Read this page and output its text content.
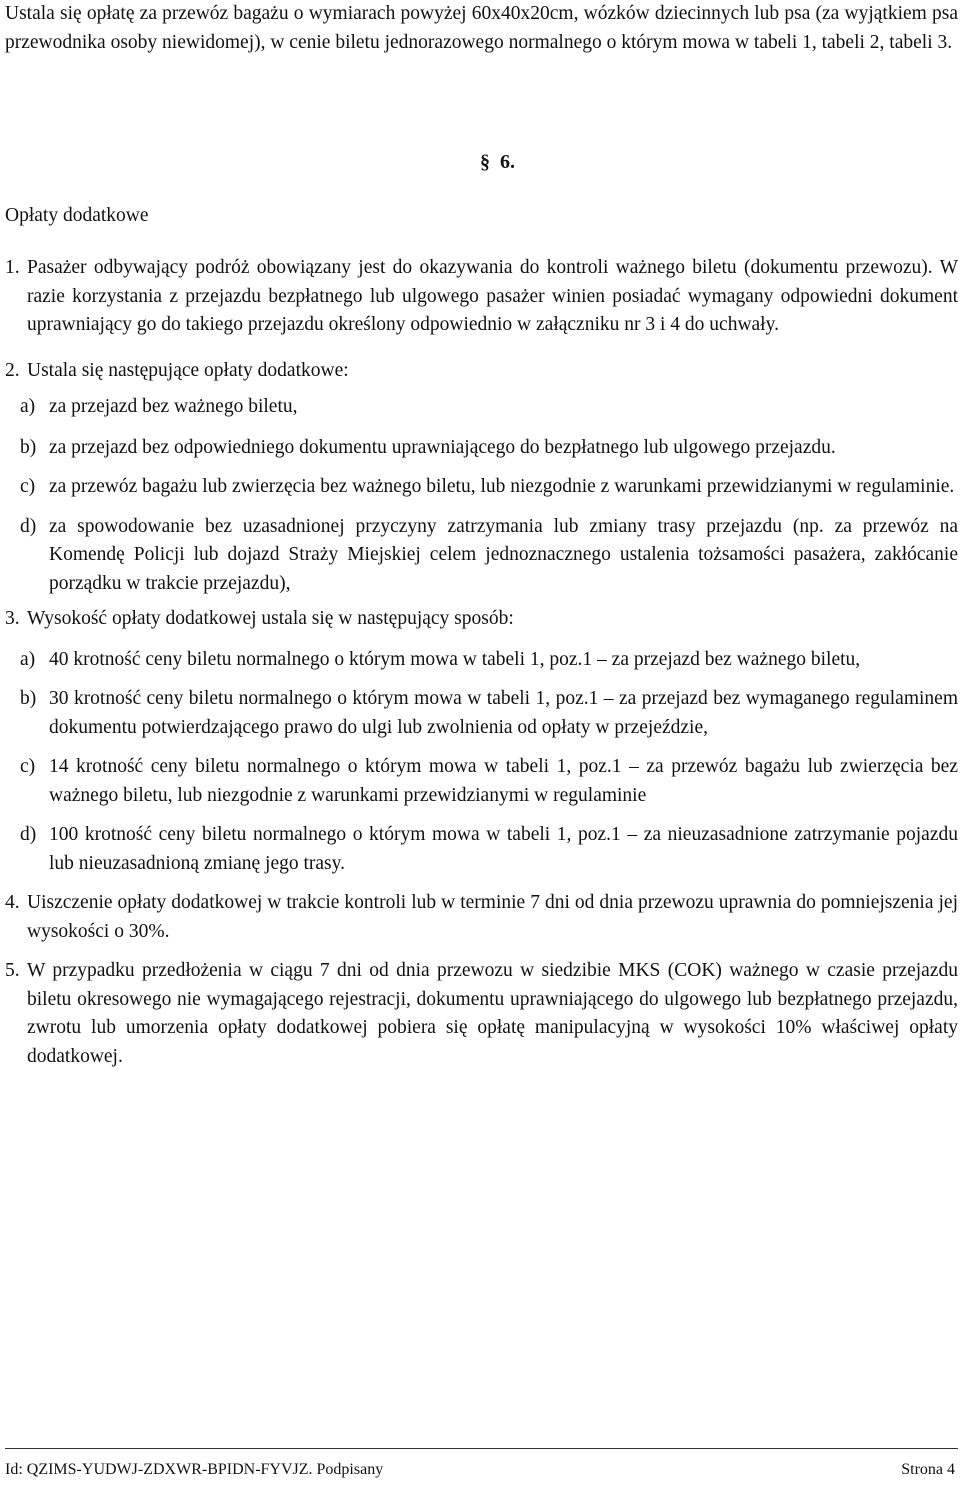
Ustala się opłatę za przewóz bagażu o wymiarach powyżej 60x40x20cm, wózków dziecinnych lub psa (za wyjątkiem psa przewodnika osoby niewidomej), w cenie biletu jednorazowego normalnego o którym mowa w tabeli 1, tabeli 2, tabeli 3.
§ 6.
Opłaty dodatkowe
1. Pasażer odbywający podróż obowiązany jest do okazywania do kontroli ważnego biletu (dokumentu przewozu). W razie korzystania z przejazdu bezpłatnego lub ulgowego pasażer winien posiadać wymagany odpowiedni dokument uprawniający go do takiego przejazdu określony odpowiednio w załączniku nr 3 i 4 do uchwały.
2. Ustala się następujące opłaty dodatkowe:
a) za przejazd bez ważnego biletu,
b) za przejazd bez odpowiedniego dokumentu uprawniającego do bezpłatnego lub ulgowego przejazdu.
c) za przewóz bagażu lub zwierzęcia bez ważnego biletu, lub niezgodnie z warunkami przewidzianymi w regulaminie.
d) za spowodowanie bez uzasadnionej przyczyny zatrzymania lub zmiany trasy przejazdu (np. za przewóz na Komendę Policji lub dojazd Straży Miejskiej celem jednoznacznego ustalenia tożsamości pasażera, zakłócanie porządku w trakcie przejazdu),
3. Wysokość opłaty dodatkowej ustala się w następujący sposób:
a) 40 krotność ceny biletu normalnego o którym mowa w tabeli 1, poz.1 – za przejazd bez ważnego biletu,
b) 30 krotność ceny biletu normalnego o którym mowa w tabeli 1, poz.1 – za przejazd bez wymaganego regulaminem dokumentu potwierdzającego prawo do ulgi lub zwolnienia od opłaty w przejeździe,
c) 14 krotność ceny biletu normalnego o którym mowa w tabeli 1, poz.1 – za przewóz bagażu lub zwierzęcia bez ważnego biletu, lub niezgodnie z warunkami przewidzianymi w regulaminie
d) 100 krotność ceny biletu normalnego o którym mowa w tabeli 1, poz.1 – za nieuzasadnione zatrzymanie pojazdu lub nieuzasadnioną zmianę jego trasy.
4. Uiszczenie opłaty dodatkowej w trakcie kontroli lub w terminie 7 dni od dnia przewozu uprawnia do pomniejszenia jej wysokości o 30%.
5. W przypadku przedłożenia w ciągu 7 dni od dnia przewozu w siedzibie MKS (COK) ważnego w czasie przejazdu biletu okresowego nie wymagającego rejestracji, dokumentu uprawniającego do ulgowego lub bezpłatnego przejazdu, zwrotu lub umorzenia opłaty dodatkowej pobiera się opłatę manipulacyjną w wysokości 10% właściwej opłaty dodatkowej.
Id: QZIMS-YUDWJ-ZDXWR-BPIDN-FYVJZ. Podpisany	Strona 4
